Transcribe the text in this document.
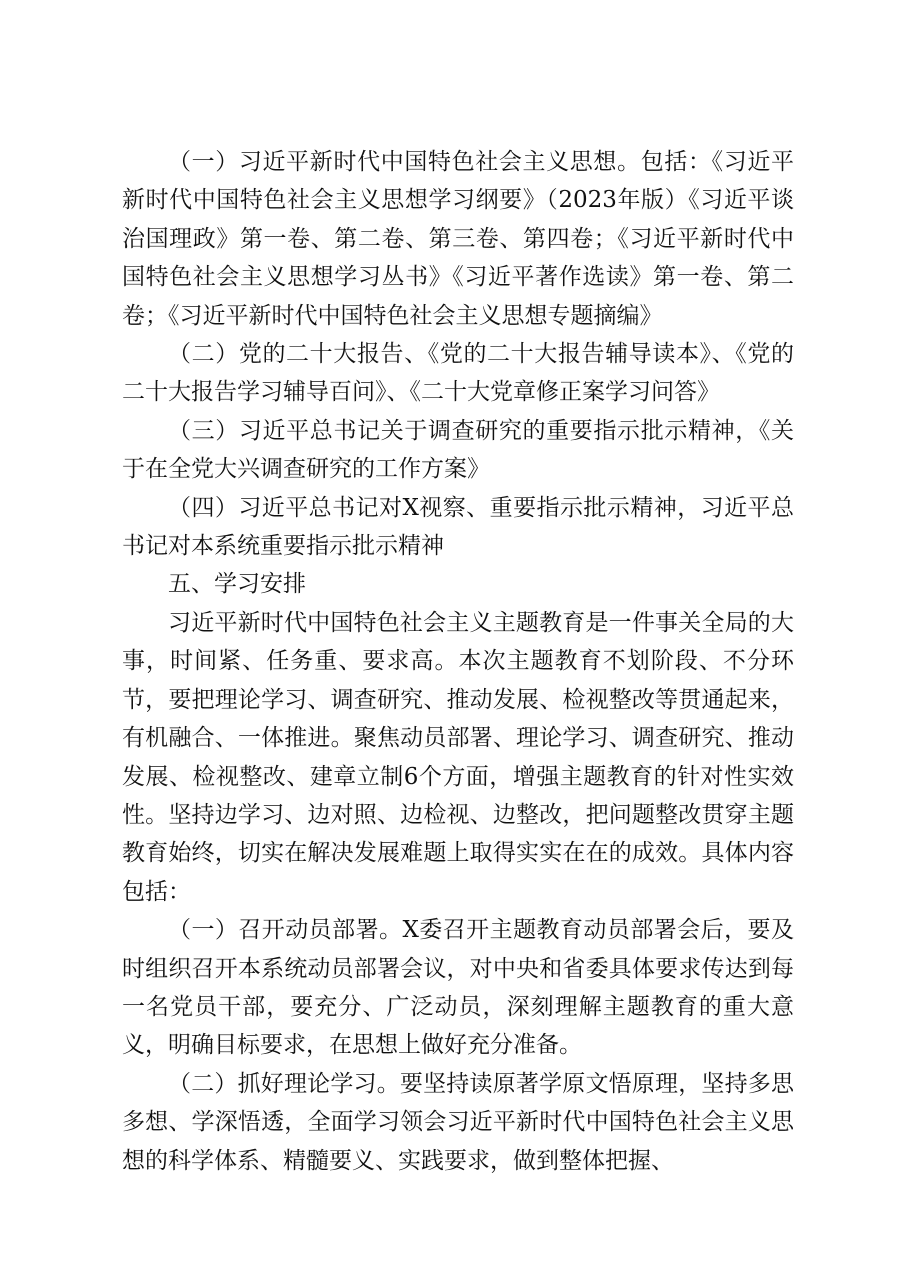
（一）习近平新时代中国特色社会主义思想。包括：《习近平新时代中国特色社会主义思想学习纲要》（2023年版）《习近平谈治国理政》第一卷、第二卷、第三卷、第四卷；《习近平新时代中国特色社会主义思想学习丛书》《习近平著作选读》第一卷、第二卷；《习近平新时代中国特色社会主义思想专题摘编》

（二）党的二十大报告、《党的二十大报告辅导读本》、《党的二十大报告学习辅导百问》、《二十大党章修正案学习问答》

（三）习近平总书记关于调查研究的重要指示批示精神，《关于在全党大兴调查研究的工作方案》

（四）习近平总书记对X视察、重要指示批示精神，习近平总书记对本系统重要指示批示精神

五、学习安排

习近平新时代中国特色社会主义主题教育是一件事关全局的大事，时间紧、任务重、要求高。本次主题教育不划阶段、不分环节，要把理论学习、调查研究、推动发展、检视整改等贯通起来，有机融合、一体推进。聚焦动员部署、理论学习、调查研究、推动发展、检视整改、建章立制6个方面，增强主题教育的针对性实效性。坚持边学习、边对照、边检视、边整改，把问题整改贯穿主题教育始终，切实在解决发展难题上取得实实在在的成效。具体内容包括：

（一）召开动员部署。X委召开主题教育动员部署会后，要及时组织召开本系统动员部署会议，对中央和省委具体要求传达到每一名党员干部，要充分、广泛动员，深刻理解主题教育的重大意义，明确目标要求，在思想上做好充分准备。

（二）抓好理论学习。要坚持读原著学原文悟原理，坚持多思多想、学深悟透，全面学习领会习近平新时代中国特色社会主义思想的科学体系、精髓要义、实践要求，做到整体把握、
